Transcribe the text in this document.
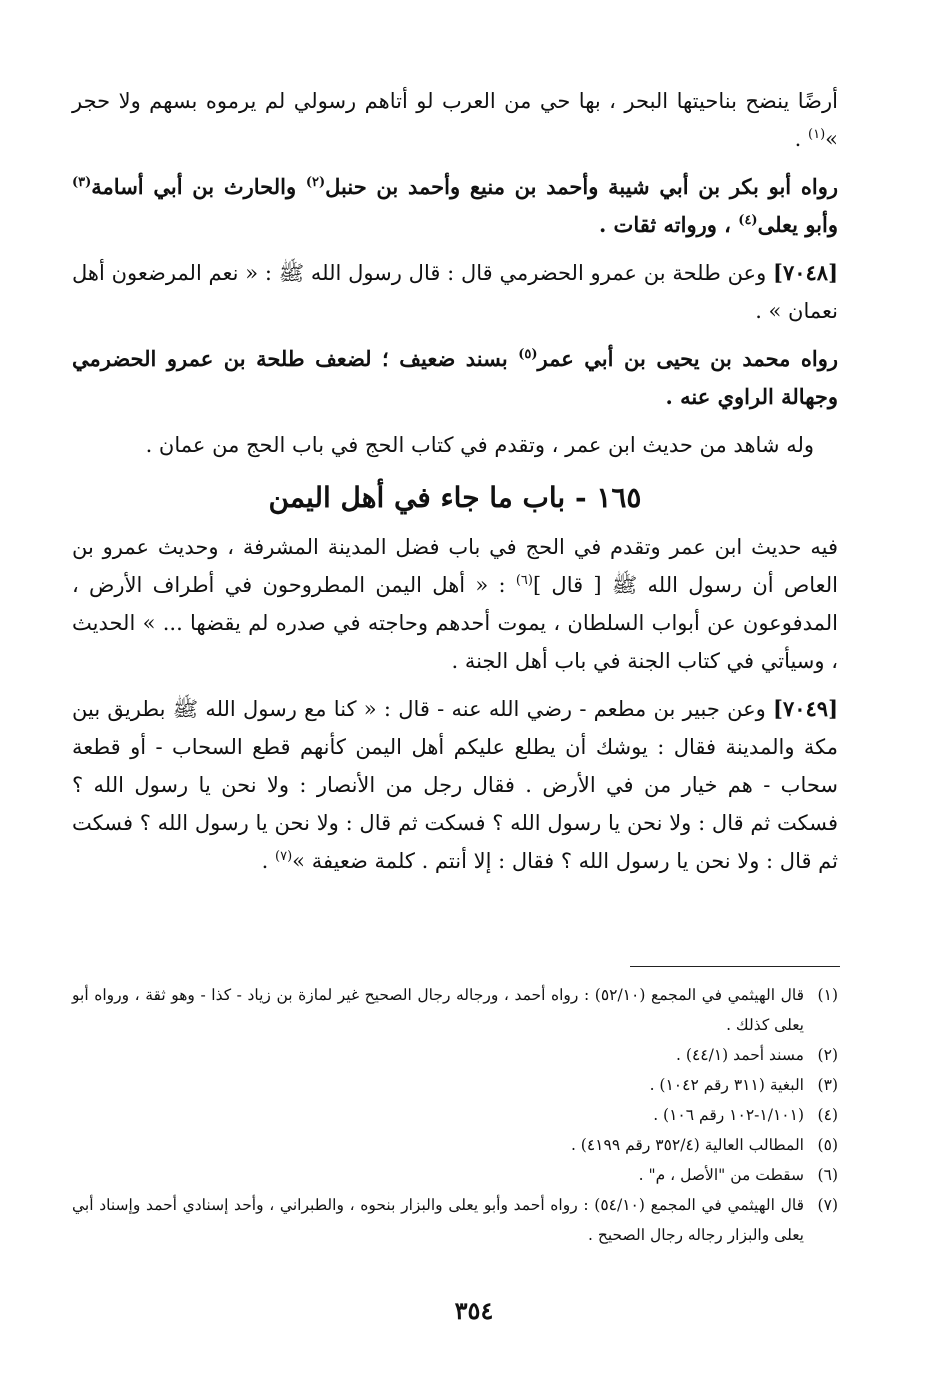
أرضًا ينضح بناحيتها البحر ، بها حي من العرب لو أتاهم رسولي لم يرموه بسهم ولا حجر »$^{(١)}$ .

رواه أبو بكر بن أبي شيبة وأحمد بن منيع وأحمد بن حنبل$^{(٢)}$ والحارث بن أبي أسامة$^{(٣)}$ وأبو يعلى$^{(٤)}$ ، ورواته ثقات .

[٧٠٤٨] وعن طلحة بن عمرو الحضرمي قال : قال رسول الله ﷺ : « نعم المرضعون أهل نعمان » .

رواه محمد بن يحيى بن أبي عمر$^{(٥)}$ بسند ضعيف ؛ لضعف طلحة بن عمرو الحضرمي وجهالة الراوي عنه .

وله شاهد من حديث ابن عمر ، وتقدم في كتاب الحج في باب الحج من عمان .

١٦٥ - باب ما جاء في أهل اليمن

فيه حديث ابن عمر وتقدم في الحج في باب فضل المدينة المشرفة ، وحديث عمرو بن العاص أن رسول الله ﷺ [ قال ]$^{(٦)}$ : « أهل اليمن المطروحون في أطراف الأرض ، المدفوعون عن أبواب السلطان ، يموت أحدهم وحاجته في صدره لم يقضها ... » الحديث ، وسيأتي في كتاب الجنة في باب أهل الجنة .

[٧٠٤٩] وعن جبير بن مطعم - رضي الله عنه - قال : « كنا مع رسول الله ﷺ بطريق بين مكة والمدينة فقال : يوشك أن يطلع عليكم أهل اليمن كأنهم قطع السحاب - أو قطعة سحاب - هم خيار من في الأرض . فقال رجل من الأنصار : ولا نحن يا رسول الله ؟ فسكت ثم قال : ولا نحن يا رسول الله ؟ فسكت ثم قال : ولا نحن يا رسول الله ؟ فسكت ثم قال : ولا نحن يا رسول الله ؟ فقال : إلا أنتم . كلمة ضعيفة »$^{(٧)}$ .

(١)
قال الهيثمي في المجمع (٥٢/١٠) : رواه أحمد ، ورجاله رجال الصحيح غير لمازة بن زياد - كذا - وهو ثقة ، ورواه أبو يعلى كذلك .
(٢)
مسند أحمد (٤٤/١) .
(٣)
البغية (٣١١ رقم ١٠٤٢) .
(٤)
(١/١٠١-١٠٢ رقم ١٠٦) .
(٥)
المطالب العالية (٣٥٢/٤ رقم ٤١٩٩) .
(٦)
سقطت من "الأصل ، م" .
(٧)
قال الهيثمي في المجمع (٥٤/١٠) : رواه أحمد وأبو يعلى والبزار بنحوه ، والطبراني ، وأحد إسنادي أحمد وإسناد أبي يعلى والبزار رجاله رجال الصحيح .
٣٥٤
